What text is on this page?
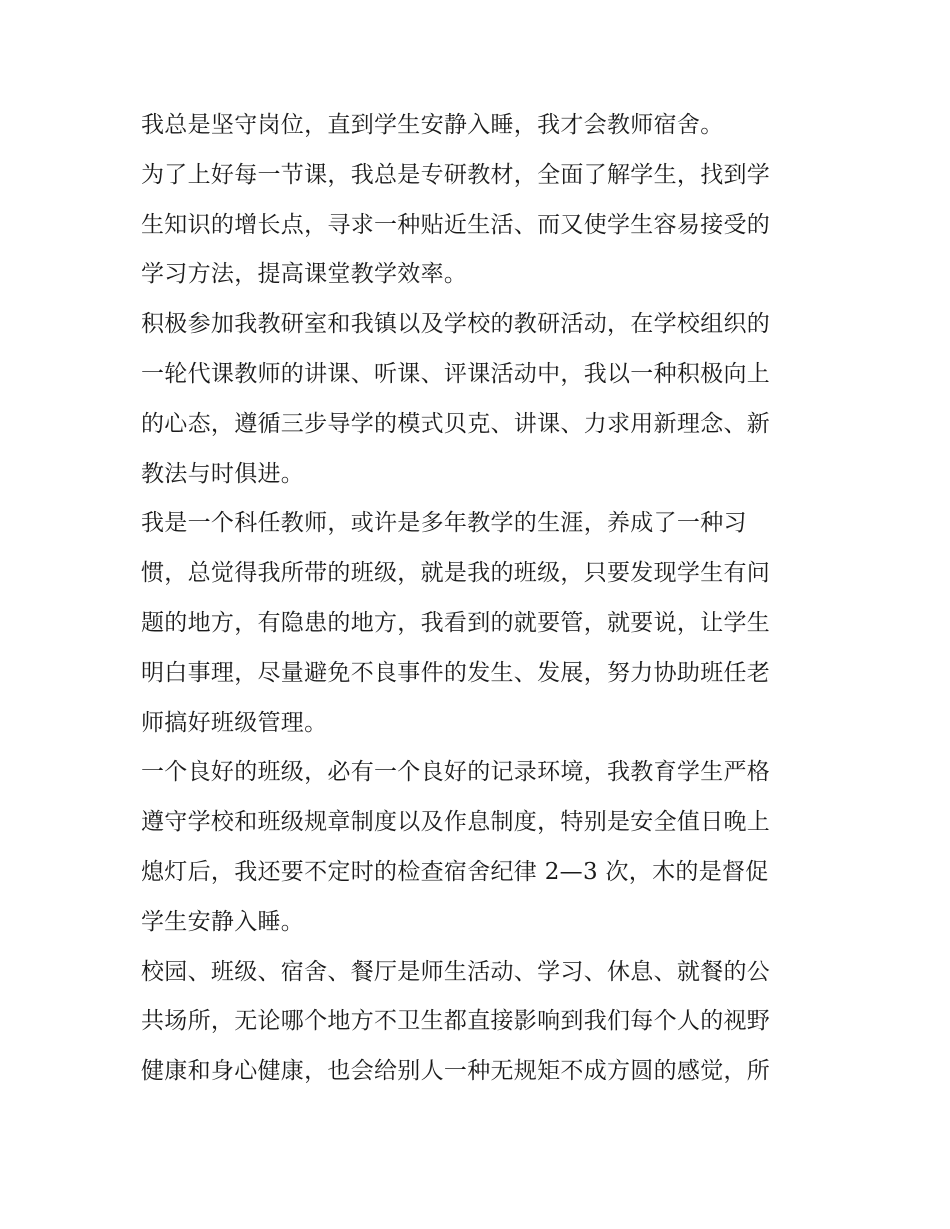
我总是坚守岗位，直到学生安静入睡，我才会教师宿舍。
为了上好每一节课，我总是专研教材，全面了解学生，找到学
生知识的增长点，寻求一种贴近生活、而又使学生容易接受的
学习方法，提高课堂教学效率。
积极参加我教研室和我镇以及学校的教研活动，在学校组织的
一轮代课教师的讲课、听课、评课活动中，我以一种积极向上
的心态，遵循三步导学的模式贝克、讲课、力求用新理念、新
教法与时俱进。
我是一个科任教师，或许是多年教学的生涯，养成了一种习
惯，总觉得我所带的班级，就是我的班级，只要发现学生有问
题的地方，有隐患的地方，我看到的就要管，就要说，让学生
明白事理，尽量避免不良事件的发生、发展，努力协助班任老
师搞好班级管理。
一个良好的班级，必有一个良好的记录环境，我教育学生严格
遵守学校和班级规章制度以及作息制度，特别是安全值日晚上
熄灯后，我还要不定时的检查宿舍纪律 2—3 次，木的是督促
学生安静入睡。
校园、班级、宿舍、餐厅是师生活动、学习、休息、就餐的公
共场所，无论哪个地方不卫生都直接影响到我们每个人的视野
健康和身心健康，也会给别人一种无规矩不成方圆的感觉，所
